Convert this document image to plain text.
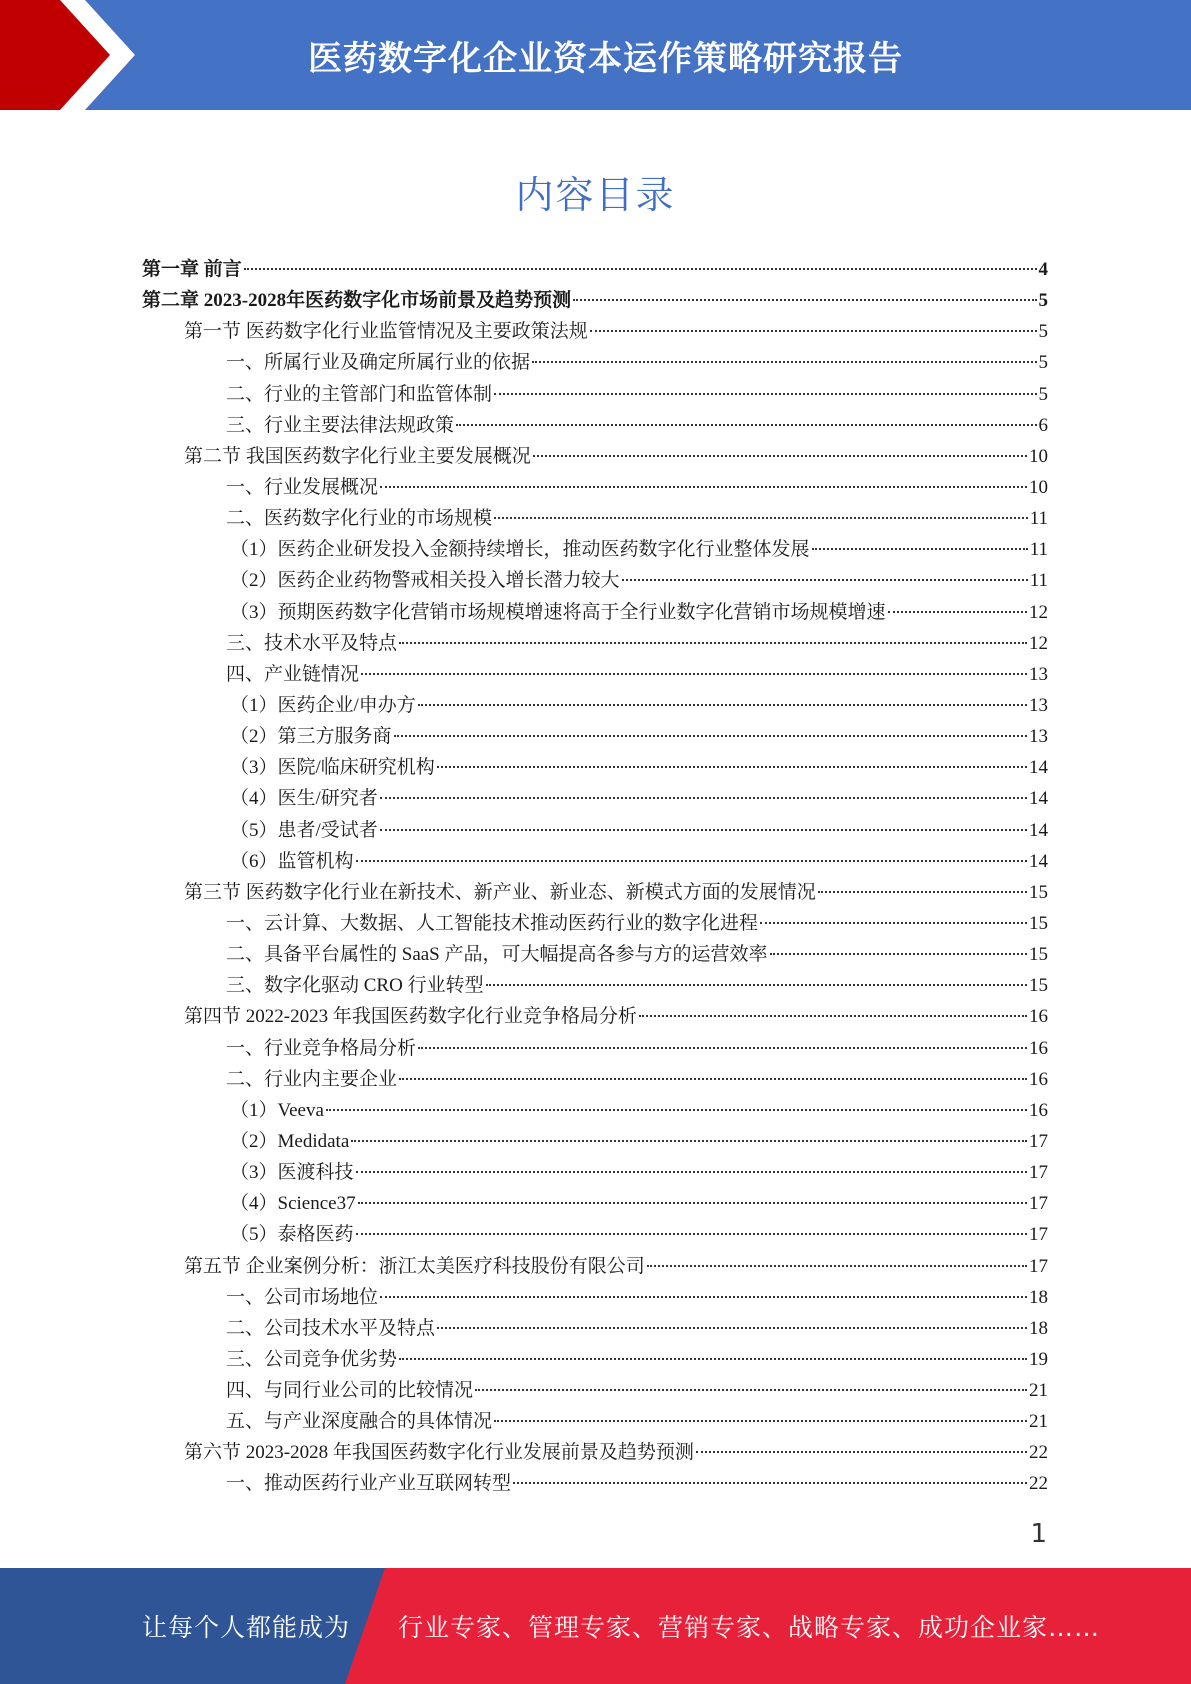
医药数字化企业资本运作策略研究报告
内容目录
第一章 前言	4
第二章 2023-2028年医药数字化市场前景及趋势预测	5
第一节 医药数字化行业监管情况及主要政策法规	5
一、所属行业及确定所属行业的依据	5
二、行业的主管部门和监管体制	5
三、行业主要法律法规政策	6
第二节 我国医药数字化行业主要发展概况	10
一、行业发展概况	10
二、医药数字化行业的市场规模	11
（1）医药企业研发投入金额持续增长，推动医药数字化行业整体发展	11
（2）医药企业药物警戒相关投入增长潜力较大	11
（3）预期医药数字化营销市场规模增速将高于全行业数字化营销市场规模增速	12
三、技术水平及特点	12
四、产业链情况	13
（1）医药企业/申办方	13
（2）第三方服务商	13
（3）医院/临床研究机构	14
（4）医生/研究者	14
（5）患者/受试者	14
（6）监管机构	14
第三节 医药数字化行业在新技术、新产业、新业态、新模式方面的发展情况	15
一、云计算、大数据、人工智能技术推动医药行业的数字化进程	15
二、具备平台属性的 SaaS 产品，可大幅提高各参与方的运营效率	15
三、数字化驱动 CRO 行业转型	15
第四节 2022-2023 年我国医药数字化行业竞争格局分析	16
一、行业竞争格局分析	16
二、行业内主要企业	16
（1）Veeva	16
（2）Medidata	17
（3）医渡科技	17
（4）Science37	17
（5）泰格医药	17
第五节 企业案例分析：浙江太美医疗科技股份有限公司	17
一、公司市场地位	18
二、公司技术水平及特点	18
三、公司竞争优劣势	19
四、与同行业公司的比较情况	21
五、与产业深度融合的具体情况	21
第六节 2023-2028 年我国医药数字化行业发展前景及趋势预测	22
一、推动医药行业产业互联网转型	22
1
让每个人都能成为 行业专家、管理专家、营销专家、战略专家、成功企业家……
